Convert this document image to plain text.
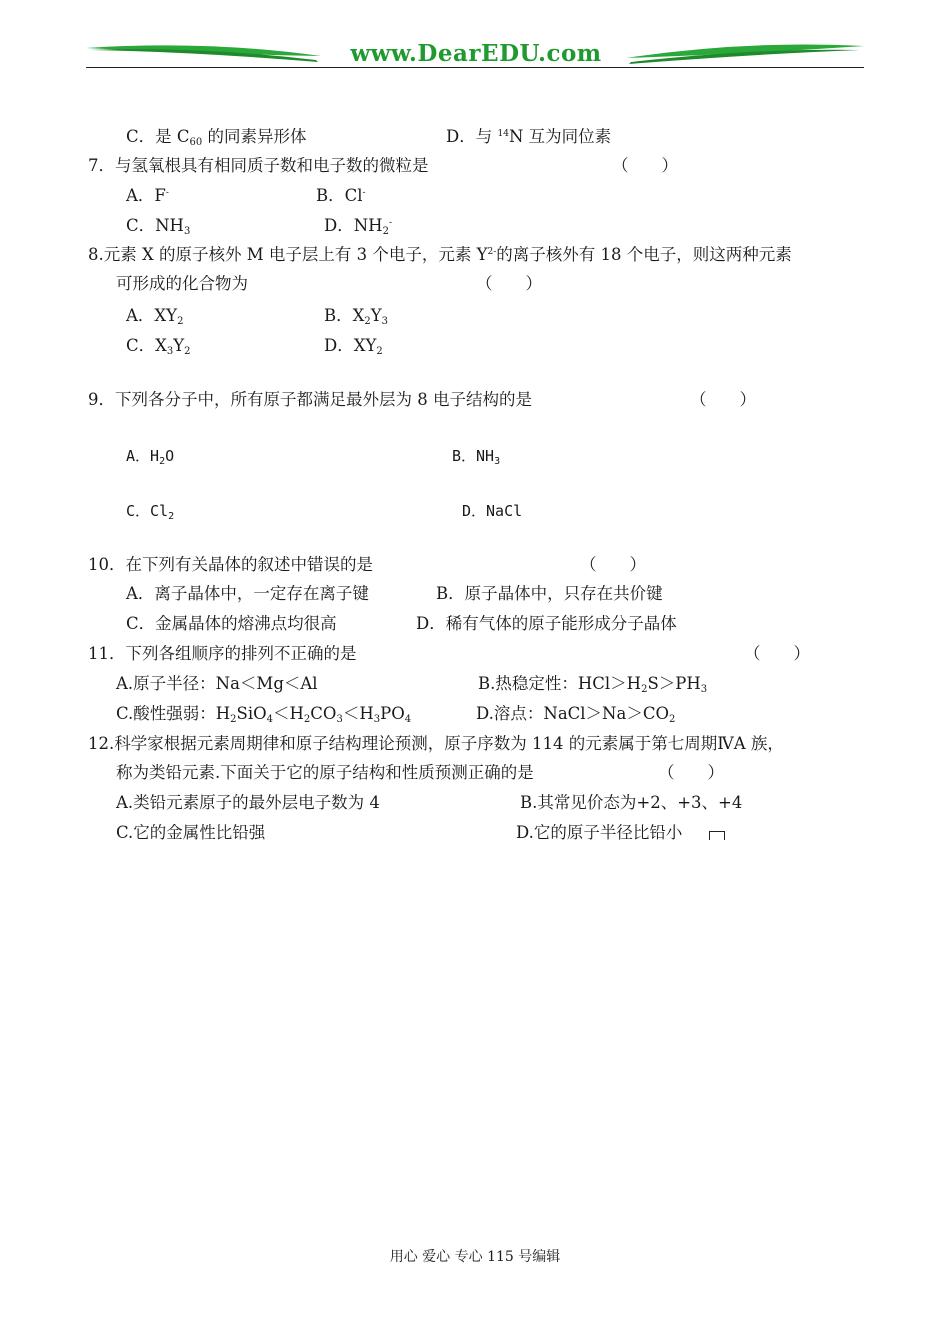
www.DearEDU.com
C．是 $C_{60}$ 的同素异形体	D．与 $^{14}$N 互为同位素
7．与氢氧根具有相同质子数和电子数的微粒是	（　　）
A．F-	B．Cl-
C．$NH_3$	D．$NH_2^-$
8.元素 X 的原子核外 M 电子层上有 3 个电子，元素 $Y^{2-}$的离子核外有 18 个电子，则这两种元素
可形成的化合物为	（　　）
A．$XY_2$	B．$X_2Y_3$
C．$X_3Y_2$	D．$XY_2$
9．下列各分子中，所有原子都满足最外层为 8 电子结构的是	（　　）
A．$H_2O$	B．$NH_3$
C．$Cl_2$	D．NaCl
10．在下列有关晶体的叙述中错误的是	（　　）
A．离子晶体中，一定存在离子键	B．原子晶体中，只存在共价键
C．金属晶体的熔沸点均很高	D．稀有气体的原子能形成分子晶体
11．下列各组顺序的排列不正确的是	（　　）
A.原子半径：Na＜Mg＜Al	B.热稳定性：$HCl>H_2S>PH_3$
C.酸性强弱：$H_2SiO_4<H_2CO_3<H_3PO_4$	D.溶点：$NaCl>Na>CO_2$
12.科学家根据元素周期律和原子结构理论预测，原子序数为 114 的元素属于第七周期ⅣA 族，
称为类铅元素.下面关于它的原子结构和性质预测正确的是	（　　）
A.类铅元素原子的最外层电子数为 4	B.其常见价态为+2、+3、+4
C.它的金属性比铅强	D.它的原子半径比铅小
用心 爱心 专心 115 号编辑
